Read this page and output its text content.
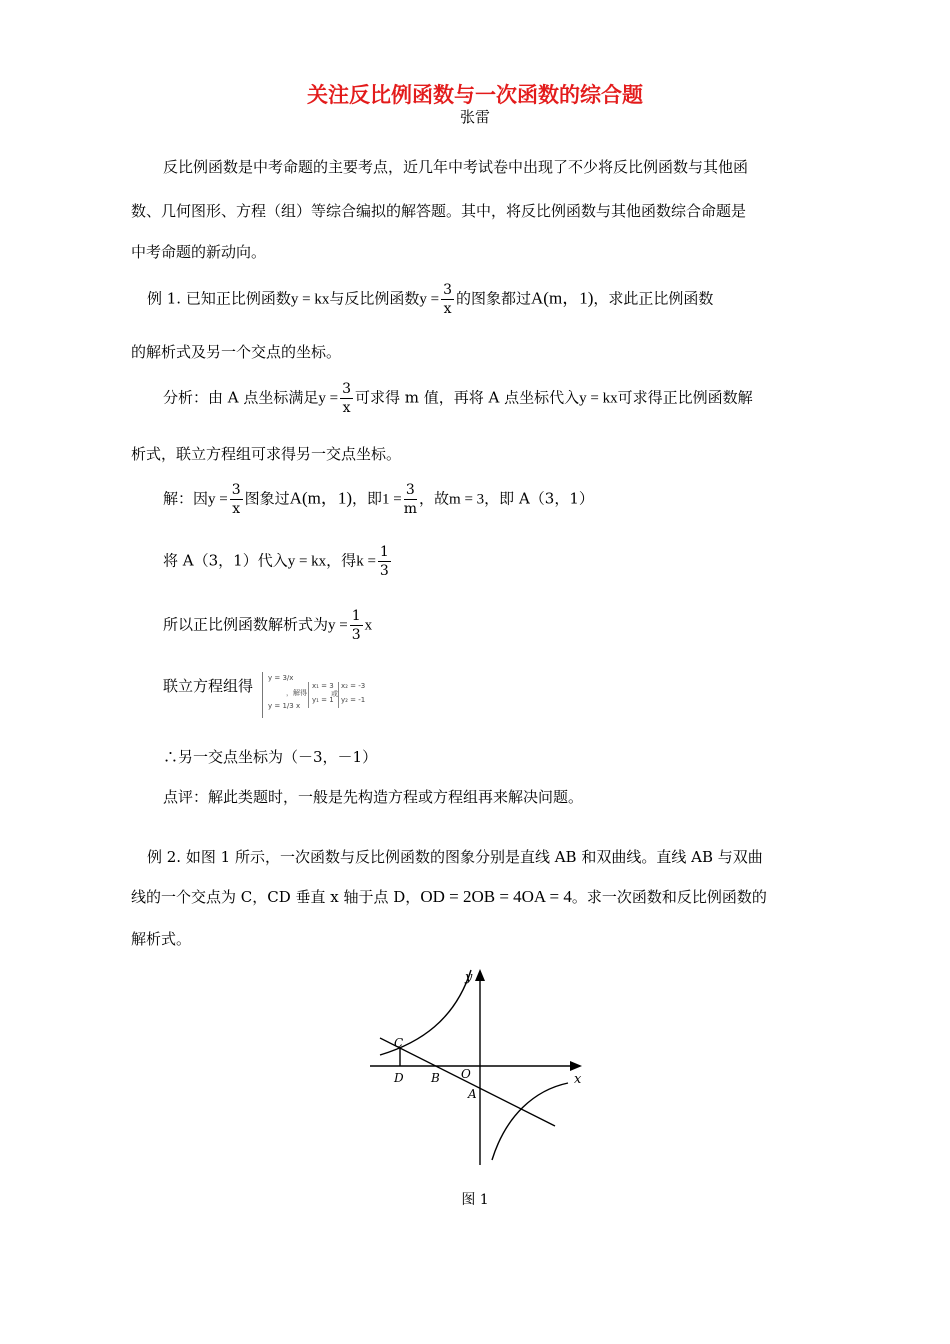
关注反比例函数与一次函数的综合题
张雷
反比例函数是中考命题的主要考点，近几年中考试卷中出现了不少将反比例函数与其他函
数、几何图形、方程（组）等综合编拟的解答题。其中，将反比例函数与其他函数综合命题是
中考命题的新动向。
例 1. 已知正比例函数y = kx与反比例函数$y = \frac{3}{x}$ 的图象都过A(m，1)，求此正比例函数
的解析式及另一个交点的坐标。
分析：由 A 点坐标满足$y = \frac{3}{x}$ 可求得 m 值，再将 A 点坐标代入y = kx可求得正比例函数解
析式，联立方程组可求得另一交点坐标。
解：因$y = \frac{3}{x}$ 图象过A(m，1)，即$1 = \frac{3}{m}$ ，故m = 3，即 A（3，1）
将 A（3，1）代入y = kx，得$k = \frac{1}{3}$
所以正比例函数解析式为$y = \frac{1}{3}$ x
联立方程组得 y = 3/x
y = 1/3 x
，解得
x₁ = 3
y₁ = 1
或
x₂ = -3
y₂ = -1
∴另一交点坐标为（－3，－1）
点评：解此类题时，一般是先构造方程或方程组再来解决问题。
例 2. 如图 1 所示，一次函数与反比例函数的图象分别是直线 AB 和双曲线。直线 AB 与双曲
线的一个交点为 C，CD 垂直 x 轴于点 D，OD = 2OB = 4OA = 4。求一次函数和反比例函数的
解析式。
y
x
C
D B O
A
图 1
